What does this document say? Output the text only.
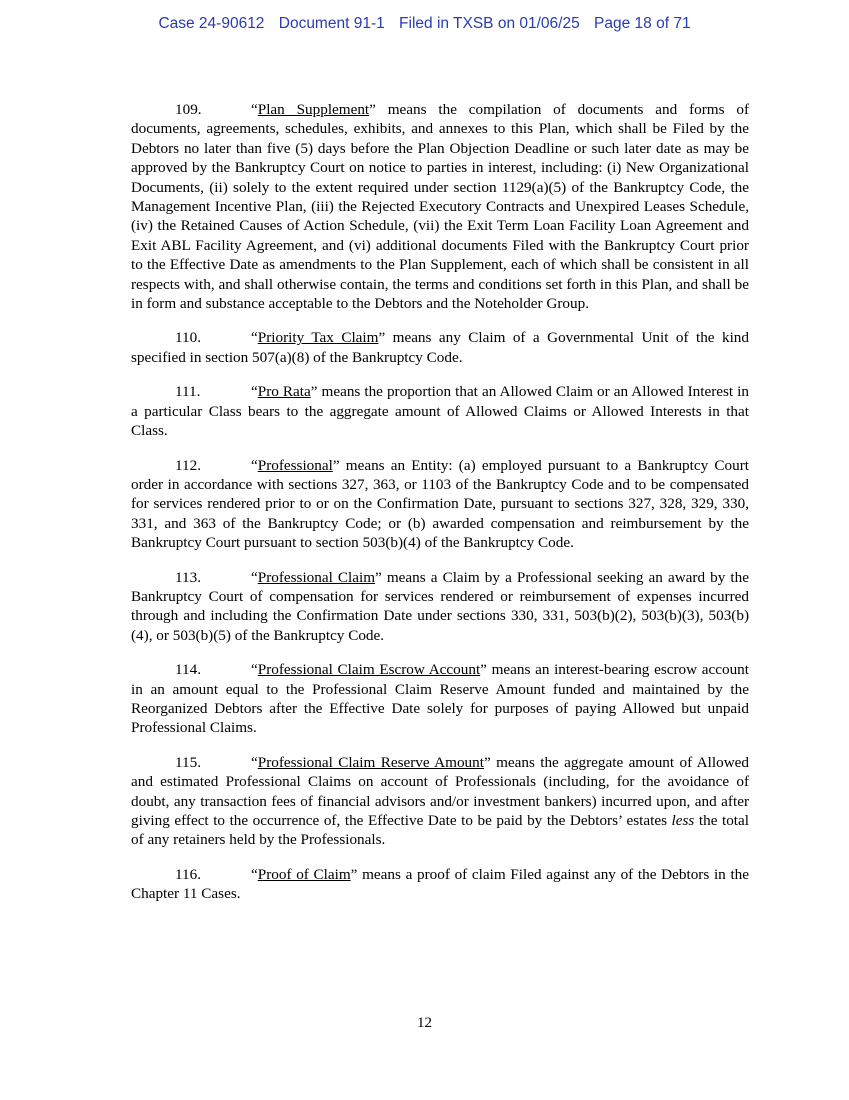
Case 24-90612 Document 91-1 Filed in TXSB on 01/06/25 Page 18 of 71

109.	“Plan Supplement” means the compilation of documents and forms of documents, agreements, schedules, exhibits, and annexes to this Plan, which shall be Filed by the Debtors no later than five (5) days before the Plan Objection Deadline or such later date as may be approved by the Bankruptcy Court on notice to parties in interest, including: (i) New Organizational Documents, (ii) solely to the extent required under section 1129(a)(5) of the Bankruptcy Code, the Management Incentive Plan, (iii) the Rejected Executory Contracts and Unexpired Leases Schedule, (iv) the Retained Causes of Action Schedule, (vii) the Exit Term Loan Facility Loan Agreement and Exit ABL Facility Agreement, and (vi) additional documents Filed with the Bankruptcy Court prior to the Effective Date as amendments to the Plan Supplement, each of which shall be consistent in all respects with, and shall otherwise contain, the terms and conditions set forth in this Plan, and shall be in form and substance acceptable to the Debtors and the Noteholder Group.

110.	“Priority Tax Claim” means any Claim of a Governmental Unit of the kind specified in section 507(a)(8) of the Bankruptcy Code.

111.	“Pro Rata” means the proportion that an Allowed Claim or an Allowed Interest in a particular Class bears to the aggregate amount of Allowed Claims or Allowed Interests in that Class.

112.	“Professional” means an Entity: (a) employed pursuant to a Bankruptcy Court order in accordance with sections 327, 363, or 1103 of the Bankruptcy Code and to be compensated for services rendered prior to or on the Confirmation Date, pursuant to sections 327, 328, 329, 330, 331, and 363 of the Bankruptcy Code; or (b) awarded compensation and reimbursement by the Bankruptcy Court pursuant to section 503(b)(4) of the Bankruptcy Code.

113.	“Professional Claim” means a Claim by a Professional seeking an award by the Bankruptcy Court of compensation for services rendered or reimbursement of expenses incurred through and including the Confirmation Date under sections 330, 331, 503(b)(2), 503(b)(3), 503(b)(4), or 503(b)(5) of the Bankruptcy Code.

114.	“Professional Claim Escrow Account” means an interest-bearing escrow account in an amount equal to the Professional Claim Reserve Amount funded and maintained by the Reorganized Debtors after the Effective Date solely for purposes of paying Allowed but unpaid Professional Claims.

115.	“Professional Claim Reserve Amount” means the aggregate amount of Allowed and estimated Professional Claims on account of Professionals (including, for the avoidance of doubt, any transaction fees of financial advisors and/or investment bankers) incurred upon, and after giving effect to the occurrence of, the Effective Date to be paid by the Debtors’ estates less the total of any retainers held by the Professionals.

116.	“Proof of Claim” means a proof of claim Filed against any of the Debtors in the Chapter 11 Cases.

12
